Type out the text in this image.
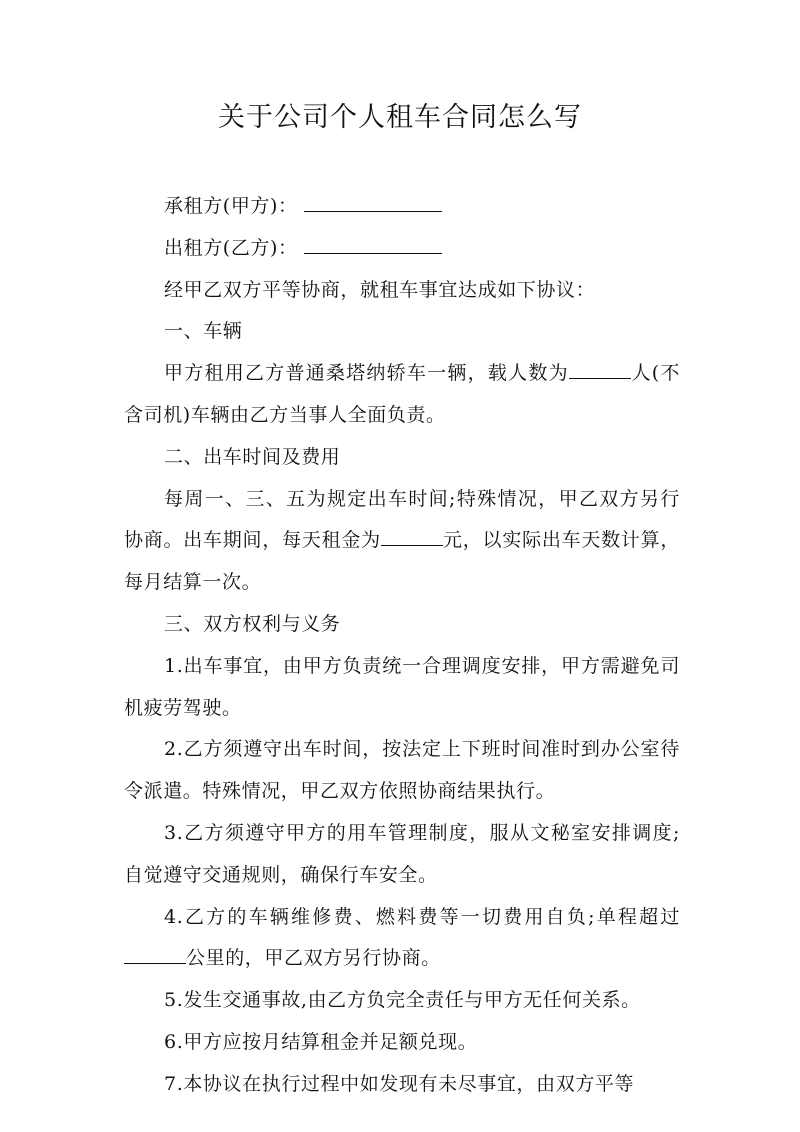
关于公司个人租车合同怎么写

承租方(甲方)：

出租方(乙方)：

经甲乙双方平等协商，就租车事宜达成如下协议：

一、车辆

甲方租用乙方普通桑塔纳轿车一辆，载人数为	人(不含司机)车辆由乙方当事人全面负责。

二、出车时间及费用

每周一、三、五为规定出车时间;特殊情况，甲乙双方另行协商。出车期间，每天租金为	元，以实际出车天数计算，每月结算一次。

三、双方权利与义务

1.出车事宜，由甲方负责统一合理调度安排，甲方需避免司机疲劳驾驶。

2.乙方须遵守出车时间，按法定上下班时间准时到办公室待令派遣。特殊情况，甲乙双方依照协商结果执行。

3.乙方须遵守甲方的用车管理制度，服从文秘室安排调度;自觉遵守交通规则，确保行车安全。

4.乙方的车辆维修费、燃料费等一切费用自负;单程超过公里的，甲乙双方另行协商。

5.发生交通事故,由乙方负完全责任与甲方无任何关系。

6.甲方应按月结算租金并足额兑现。

7.本协议在执行过程中如发现有未尽事宜，由双方平等
